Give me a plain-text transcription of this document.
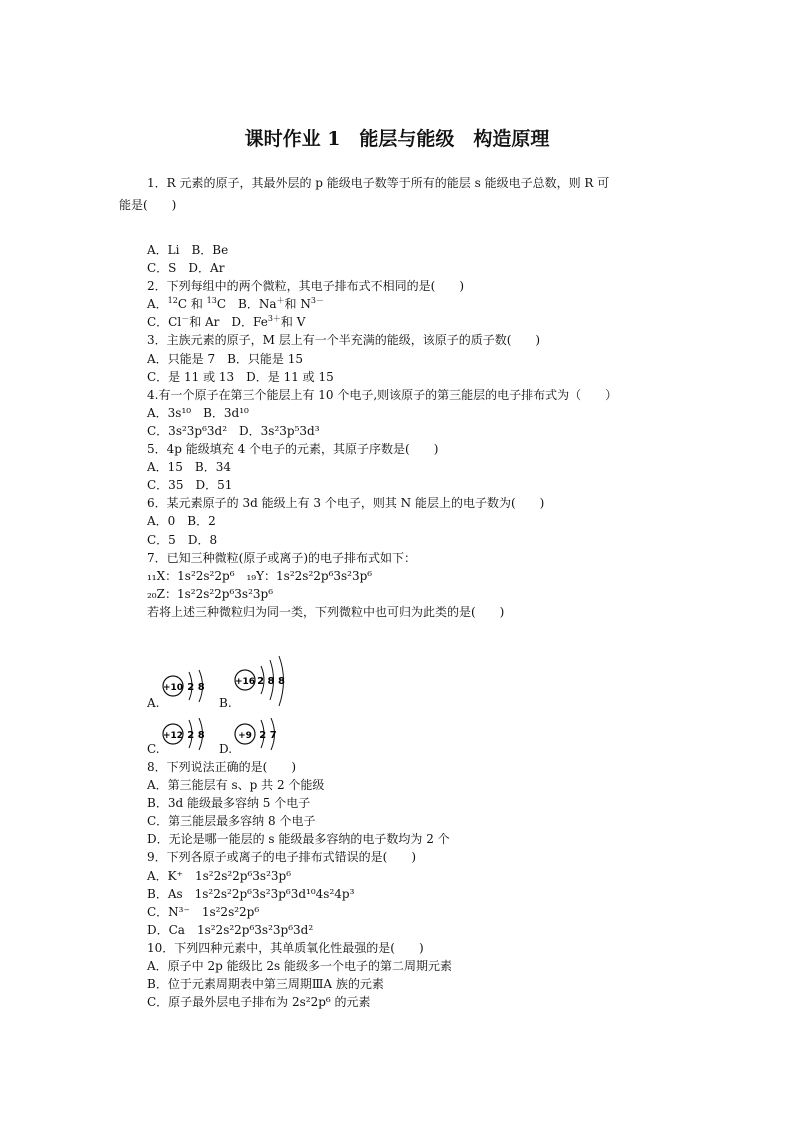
课时作业 1　能层与能级　构造原理
1．R 元素的原子，其最外层的 p 能级电子数等于所有的能层 s 能级电子总数，则 R 可
能是(　　)
A．Li　B．Be
C．S　D．Ar
2．下列每组中的两个微粒，其电子排布式不相同的是(　　)
A．$^{12}$C 和 $^{13}$C　B．Na＋和 $N^{3-}$
C．Cl－和 Ar　D．$Fe^{3+}$和 V
3．主族元素的原子，M 层上有一个半充满的能级，该原子的质子数(　　)
A．只能是 7　B．只能是 15
C．是 11 或 13　D．是 11 或 15
4.有一个原子在第三个能层上有 10 个电子,则该原子的第三能层的电子排布式为（　　）
A．3s¹⁰　B．3d¹⁰
C．3s²3p⁶3d²　D．3s²3p⁵3d³
5．4p 能级填充 4 个电子的元素，其原子序数是(　　)
A．15　B．34
C．35　D．51
6．某元素原子的 3d 能级上有 3 个电子，则其 N 能层上的电子数为(　　)
A．0　B．2
C．5　D．8
7．已知三种微粒(原子或离子)的电子排布式如下：
₁₁X：1s²2s²2p⁶　₁₉Y：1s²2s²2p⁶3s²3p⁶
₂₀Z：1s²2s²2p⁶3s²3p⁶
若将上述三种微粒归为同一类，下列微粒中也可归为此类的是(　　)
+10 2 8
A.
+16 2 8 8
B.
+12 2 8
C.
+9 2 7
D.
8．下列说法正确的是(　　)
A．第三能层有 s、p 共 2 个能级
B．3d 能级最多容纳 5 个电子
C．第三能层最多容纳 8 个电子
D．无论是哪一能层的 s 能级最多容纳的电子数均为 2 个
9．下列各原子或离子的电子排布式错误的是(　　)
A．K⁺　1s²2s²2p⁶3s²3p⁶
B．As　1s²2s²2p⁶3s²3p⁶3d¹⁰4s²4p³
C．N³⁻　1s²2s²2p⁶
D．Ca　1s²2s²2p⁶3s²3p⁶3d²
10．下列四种元素中，其单质氧化性最强的是(　　)
A．原子中 2p 能级比 2s 能级多一个电子的第二周期元素
B．位于元素周期表中第三周期ⅢA 族的元素
C．原子最外层电子排布为 2s²2p⁶ 的元素
